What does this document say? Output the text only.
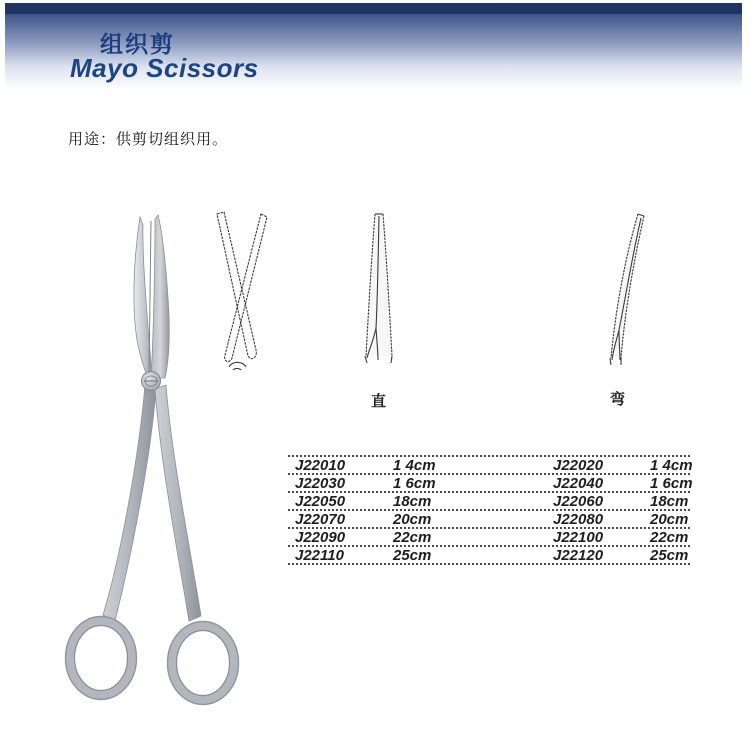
组织剪
Mayo Scissors
用途：供剪切组织用。
直	弯
J22010	1 4cm	J22020	1 4cm
J22030	1 6cm	J22040	1 6cm
J22050	18cm	J22060	18cm
J22070	20cm	J22080	20cm
J22090	22cm	J22100	22cm
J22110	25cm	J22120	25cm
